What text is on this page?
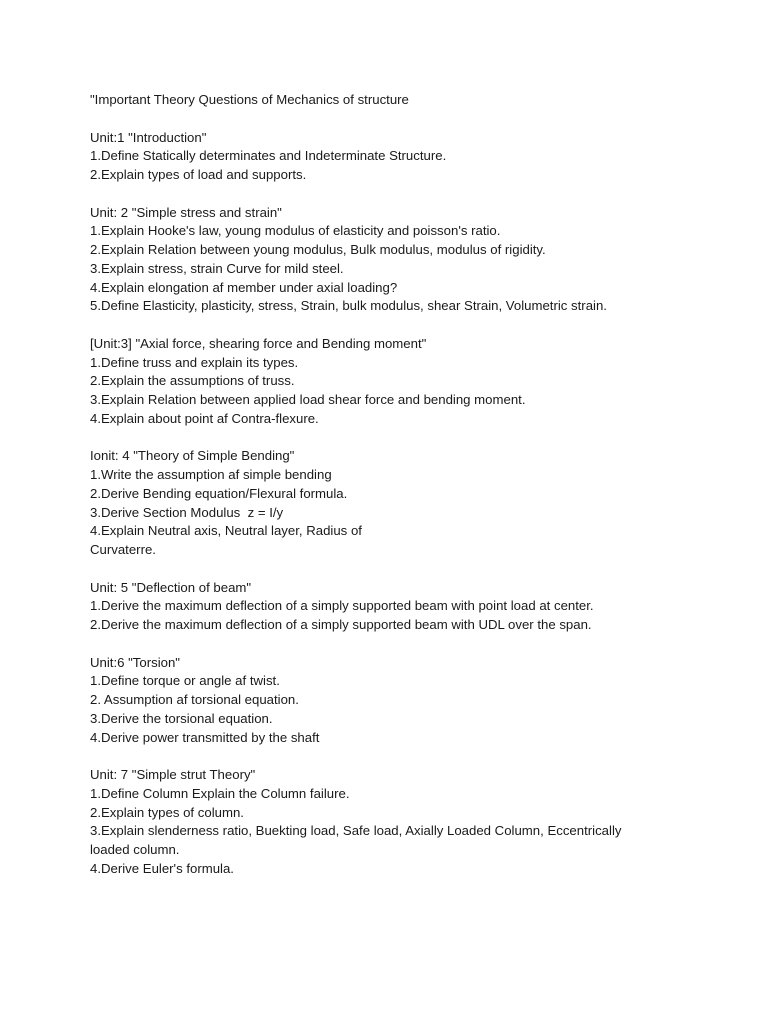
"Important Theory Questions of Mechanics of structure
Unit:1 "Introduction"
1.Define Statically determinates and Indeterminate Structure.
2.Explain types of load and supports.
Unit: 2 "Simple stress and strain"
1.Explain Hooke's law, young modulus of elasticity and poisson's ratio.
2.Explain Relation between young modulus, Bulk modulus, modulus of rigidity.
3.Explain stress, strain Curve for mild steel.
4.Explain elongation af member under axial loading?
5.Define Elasticity, plasticity, stress, Strain, bulk modulus, shear Strain, Volumetric strain.
[Unit:3] "Axial force, shearing force and Bending moment"
1.Define truss and explain its types.
2.Explain the assumptions of truss.
3.Explain Relation between applied load shear force and bending moment.
4.Explain about point af Contra-flexure.
Ionit: 4 "Theory of Simple Bending"
1.Write the assumption af simple bending
2.Derive Bending equation/Flexural formula.
3.Derive Section Modulus  z = I/y
4.Explain Neutral axis, Neutral layer, Radius of
Curvaterre.
Unit: 5 "Deflection of beam"
1.Derive the maximum deflection of a simply supported beam with point load at center.
2.Derive the maximum deflection of a simply supported beam with UDL over the span.
Unit:6 "Torsion"
1.Define torque or angle af twist.
2. Assumption af torsional equation.
3.Derive the torsional equation.
4.Derive power transmitted by the shaft
Unit: 7 "Simple strut Theory"
1.Define Column Explain the Column failure.
2.Explain types of column.
3.Explain slenderness ratio, Buekting load, Safe load, Axially Loaded Column, Eccentrically
loaded column.
4.Derive Euler's formula.
